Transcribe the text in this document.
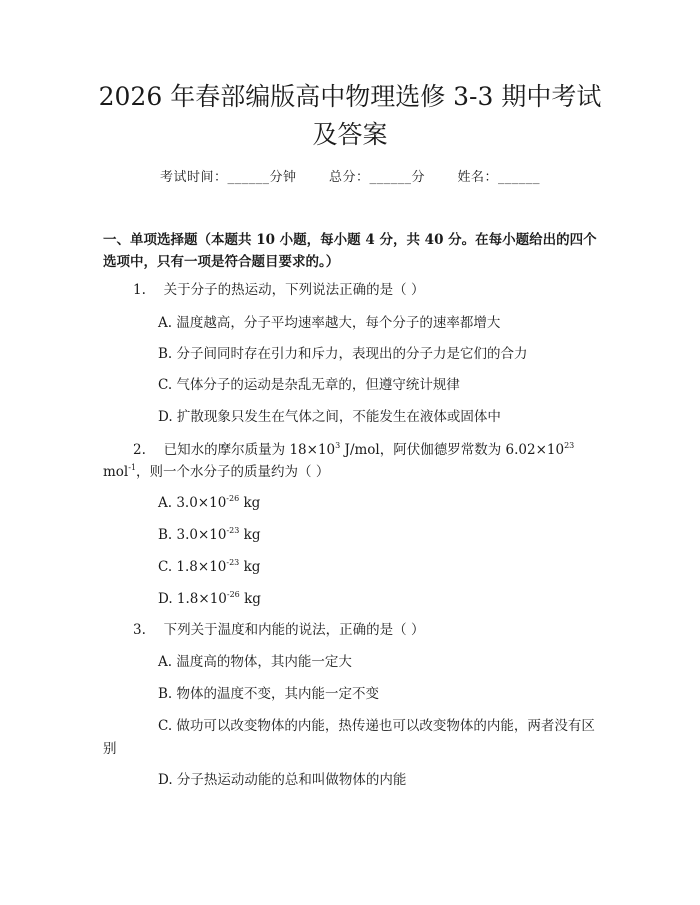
2026 年春部编版高中物理选修 3-3 期中考试及答案
考试时间：______分钟 总分：______分 姓名：______
一、单项选择题（本题共 10 小题，每小题 4 分，共 40 分。在每小题给出的四个选项中，只有一项是符合题目要求的。）
1.　 关于分子的热运动，下列说法正确的是（ ）
A. 温度越高，分子平均速率越大，每个分子的速率都增大
B. 分子间同时存在引力和斥力，表现出的分子力是它们的合力
C. 气体分子的运动是杂乱无章的，但遵守统计规律
D. 扩散现象只发生在气体之间，不能发生在液体或固体中
2.　 已知水的摩尔质量为 $18\times 10^3$ J/mol，阿伏伽德罗常数为 $6.02\times 10^{23}$
mol$^{-1}$，则一个水分子的质量约为（ ）
A. $3.0\times 10^{-26}$ kg
B. $3.0\times 10^{-23}$ kg
C. $1.8\times 10^{-23}$ kg
D. $1.8\times 10^{-26}$ kg
3.　 下列关于温度和内能的说法，正确的是（ ）
A. 温度高的物体，其内能一定大
B. 物体的温度不变，其内能一定不变
C. 做功可以改变物体的内能，热传递也可以改变物体的内能，两者没有区别
D. 分子热运动动能的总和叫做物体的内能
